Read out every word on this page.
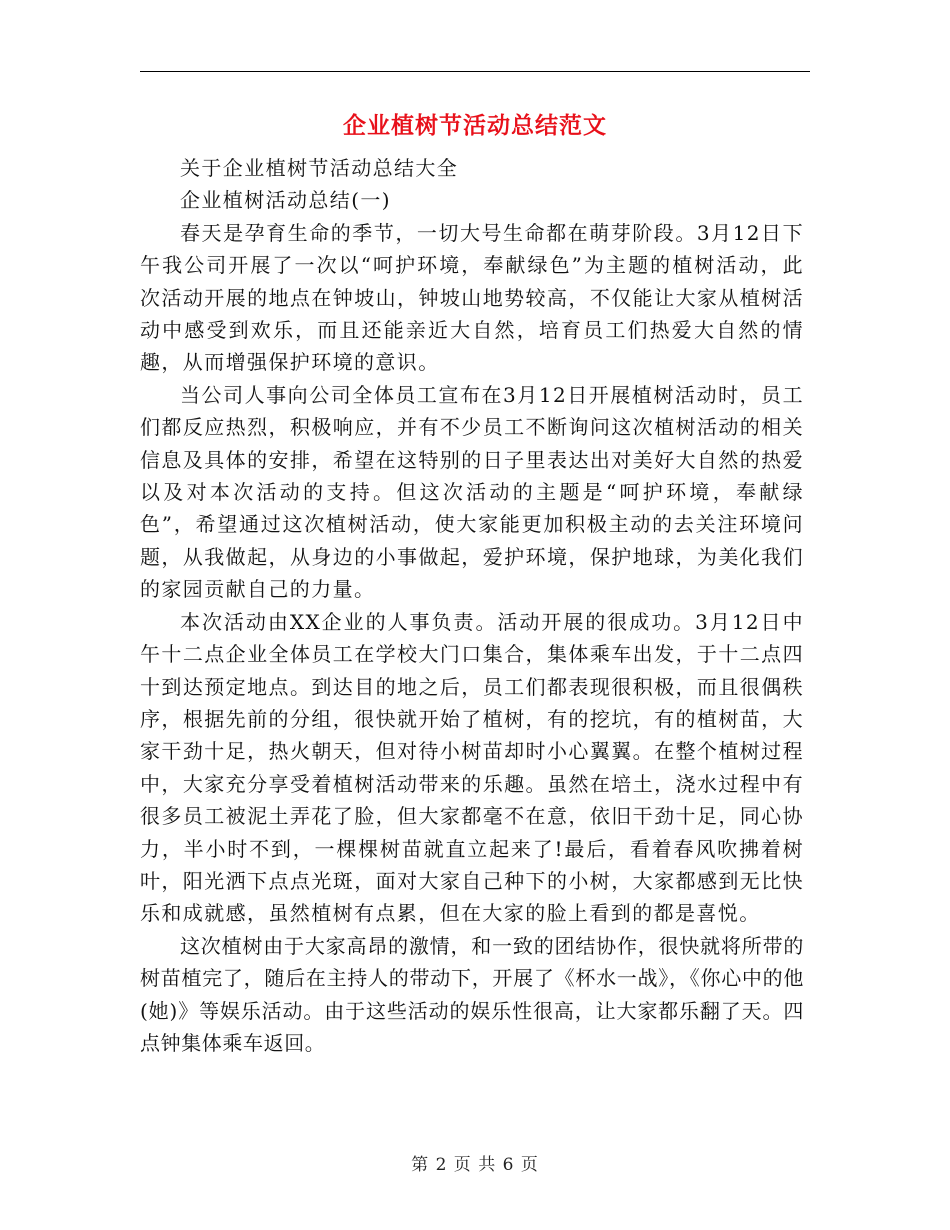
企业植树节活动总结范文

关于企业植树节活动总结大全

企业植树活动总结(一)

春天是孕育生命的季节，一切大号生命都在萌芽阶段。3月12日下午我公司开展了一次以“呵护环境，奉献绿色”为主题的植树活动，此次活动开展的地点在钟坡山，钟坡山地势较高，不仅能让大家从植树活动中感受到欢乐，而且还能亲近大自然，培育员工们热爱大自然的情趣，从而增强保护环境的意识。

当公司人事向公司全体员工宣布在3月12日开展植树活动时，员工们都反应热烈，积极响应，并有不少员工不断询问这次植树活动的相关信息及具体的安排，希望在这特别的日子里表达出对美好大自然的热爱以及对本次活动的支持。但这次活动的主题是“呵护环境，奉献绿色”，希望通过这次植树活动，使大家能更加积极主动的去关注环境问题，从我做起，从身边的小事做起，爱护环境，保护地球，为美化我们的家园贡献自己的力量。

本次活动由XX企业的人事负责。活动开展的很成功。3月12日中午十二点企业全体员工在学校大门口集合，集体乘车出发，于十二点四十到达预定地点。到达目的地之后，员工们都表现很积极，而且很偶秩序，根据先前的分组，很快就开始了植树，有的挖坑，有的植树苗，大家干劲十足，热火朝天，但对待小树苗却时小心翼翼。在整个植树过程中，大家充分享受着植树活动带来的乐趣。虽然在培土，浇水过程中有很多员工被泥土弄花了脸，但大家都毫不在意，依旧干劲十足，同心协力，半小时不到，一棵棵树苗就直立起来了!最后，看着春风吹拂着树叶，阳光洒下点点光斑，面对大家自己种下的小树，大家都感到无比快乐和成就感，虽然植树有点累，但在大家的脸上看到的都是喜悦。

这次植树由于大家高昂的激情，和一致的团结协作，很快就将所带的树苗植完了，随后在主持人的带动下，开展了《杯水一战》，《你心中的他(她)》等娱乐活动。由于这些活动的娱乐性很高，让大家都乐翻了天。四点钟集体乘车返回。

第 2 页 共 6 页
